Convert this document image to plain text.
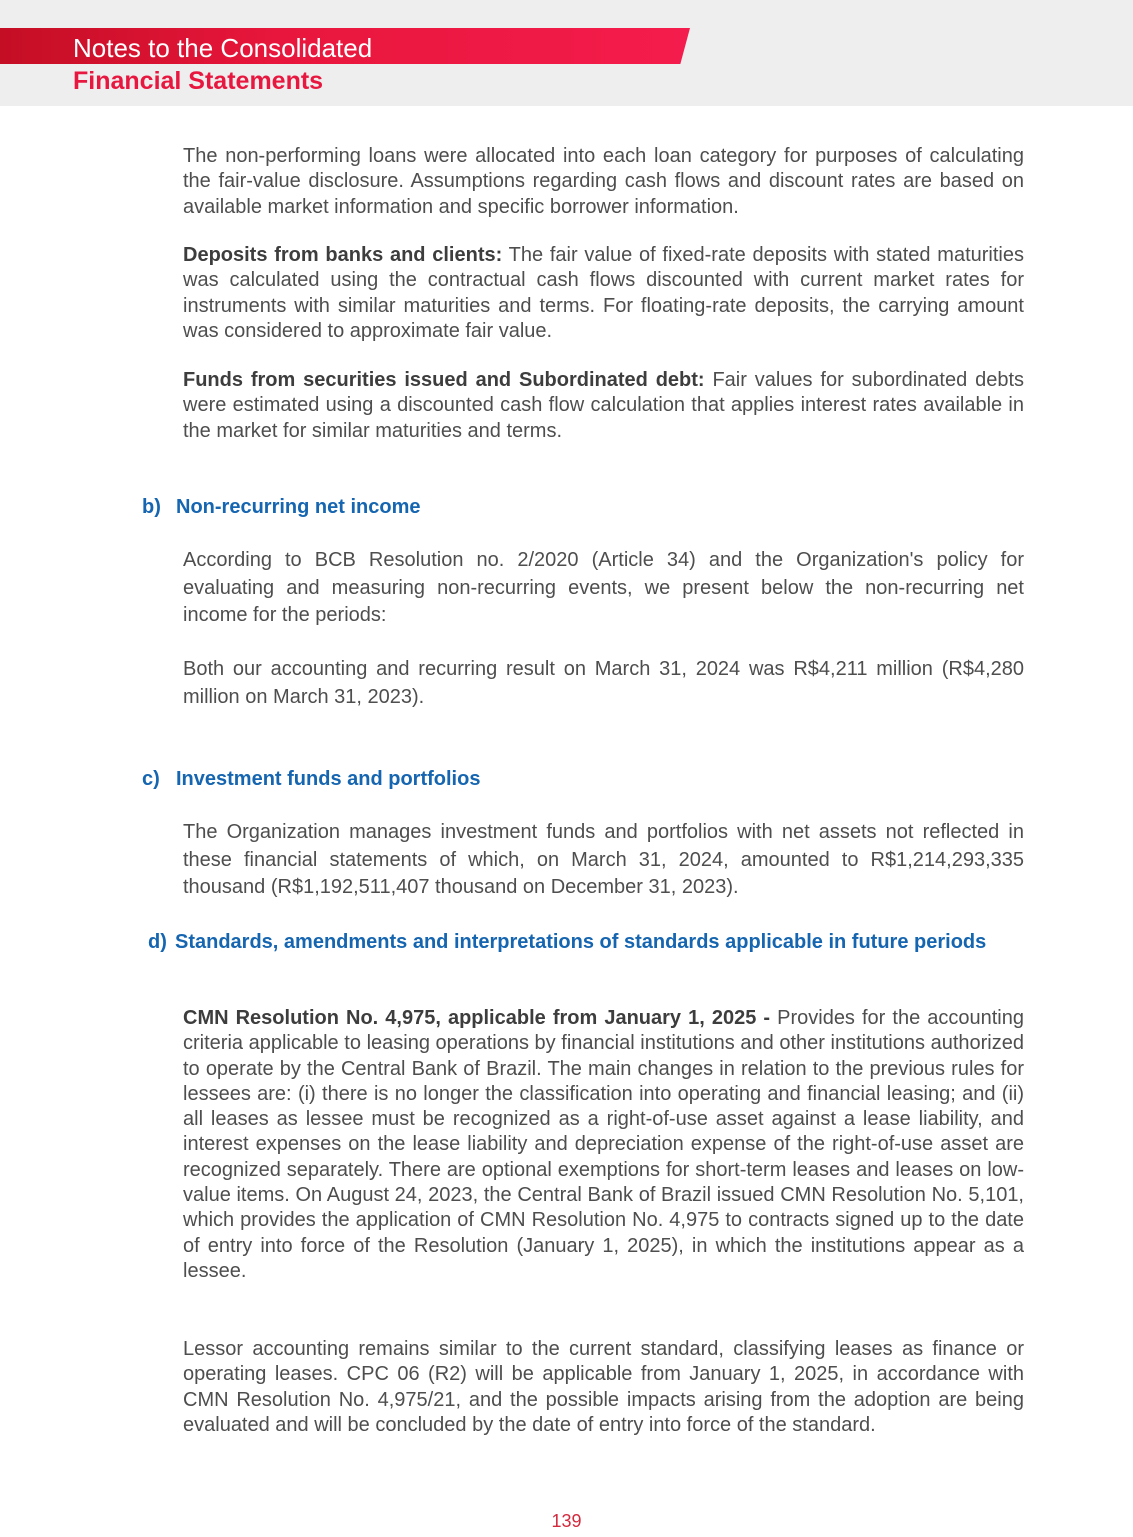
Notes to the Consolidated
Financial Statements

The non-performing loans were allocated into each loan category for purposes of calculating the fair-value disclosure. Assumptions regarding cash flows and discount rates are based on available market information and specific borrower information.

Deposits from banks and clients: The fair value of fixed-rate deposits with stated maturities was calculated using the contractual cash flows discounted with current market rates for instruments with similar maturities and terms. For floating-rate deposits, the carrying amount was considered to approximate fair value.

Funds from securities issued and Subordinated debt: Fair values for subordinated debts were estimated using a discounted cash flow calculation that applies interest rates available in the market for similar maturities and terms.

b) Non-recurring net income

According to BCB Resolution no. 2/2020 (Article 34) and the Organization's policy for evaluating and measuring non-recurring events, we present below the non-recurring net income for the periods:

Both our accounting and recurring result on March 31, 2024 was R$4,211 million (R$4,280 million on March 31, 2023).

c) Investment funds and portfolios

The Organization manages investment funds and portfolios with net assets not reflected in these financial statements of which, on March 31, 2024, amounted to R$1,214,293,335 thousand (R$1,192,511,407 thousand on December 31, 2023).

d) Standards, amendments and interpretations of standards applicable in future periods

CMN Resolution No. 4,975, applicable from January 1, 2025 - Provides for the accounting criteria applicable to leasing operations by financial institutions and other institutions authorized to operate by the Central Bank of Brazil. The main changes in relation to the previous rules for lessees are: (i) there is no longer the classification into operating and financial leasing; and (ii) all leases as lessee must be recognized as a right-of-use asset against a lease liability, and interest expenses on the lease liability and depreciation expense of the right-of-use asset are recognized separately. There are optional exemptions for short-term leases and leases on low-value items. On August 24, 2023, the Central Bank of Brazil issued CMN Resolution No. 5,101, which provides the application of CMN Resolution No. 4,975 to contracts signed up to the date of entry into force of the Resolution (January 1, 2025), in which the institutions appear as a lessee.

Lessor accounting remains similar to the current standard, classifying leases as finance or operating leases. CPC 06 (R2) will be applicable from January 1, 2025, in accordance with CMN Resolution No. 4,975/21, and the possible impacts arising from the adoption are being evaluated and will be concluded by the date of entry into force of the standard.

139
